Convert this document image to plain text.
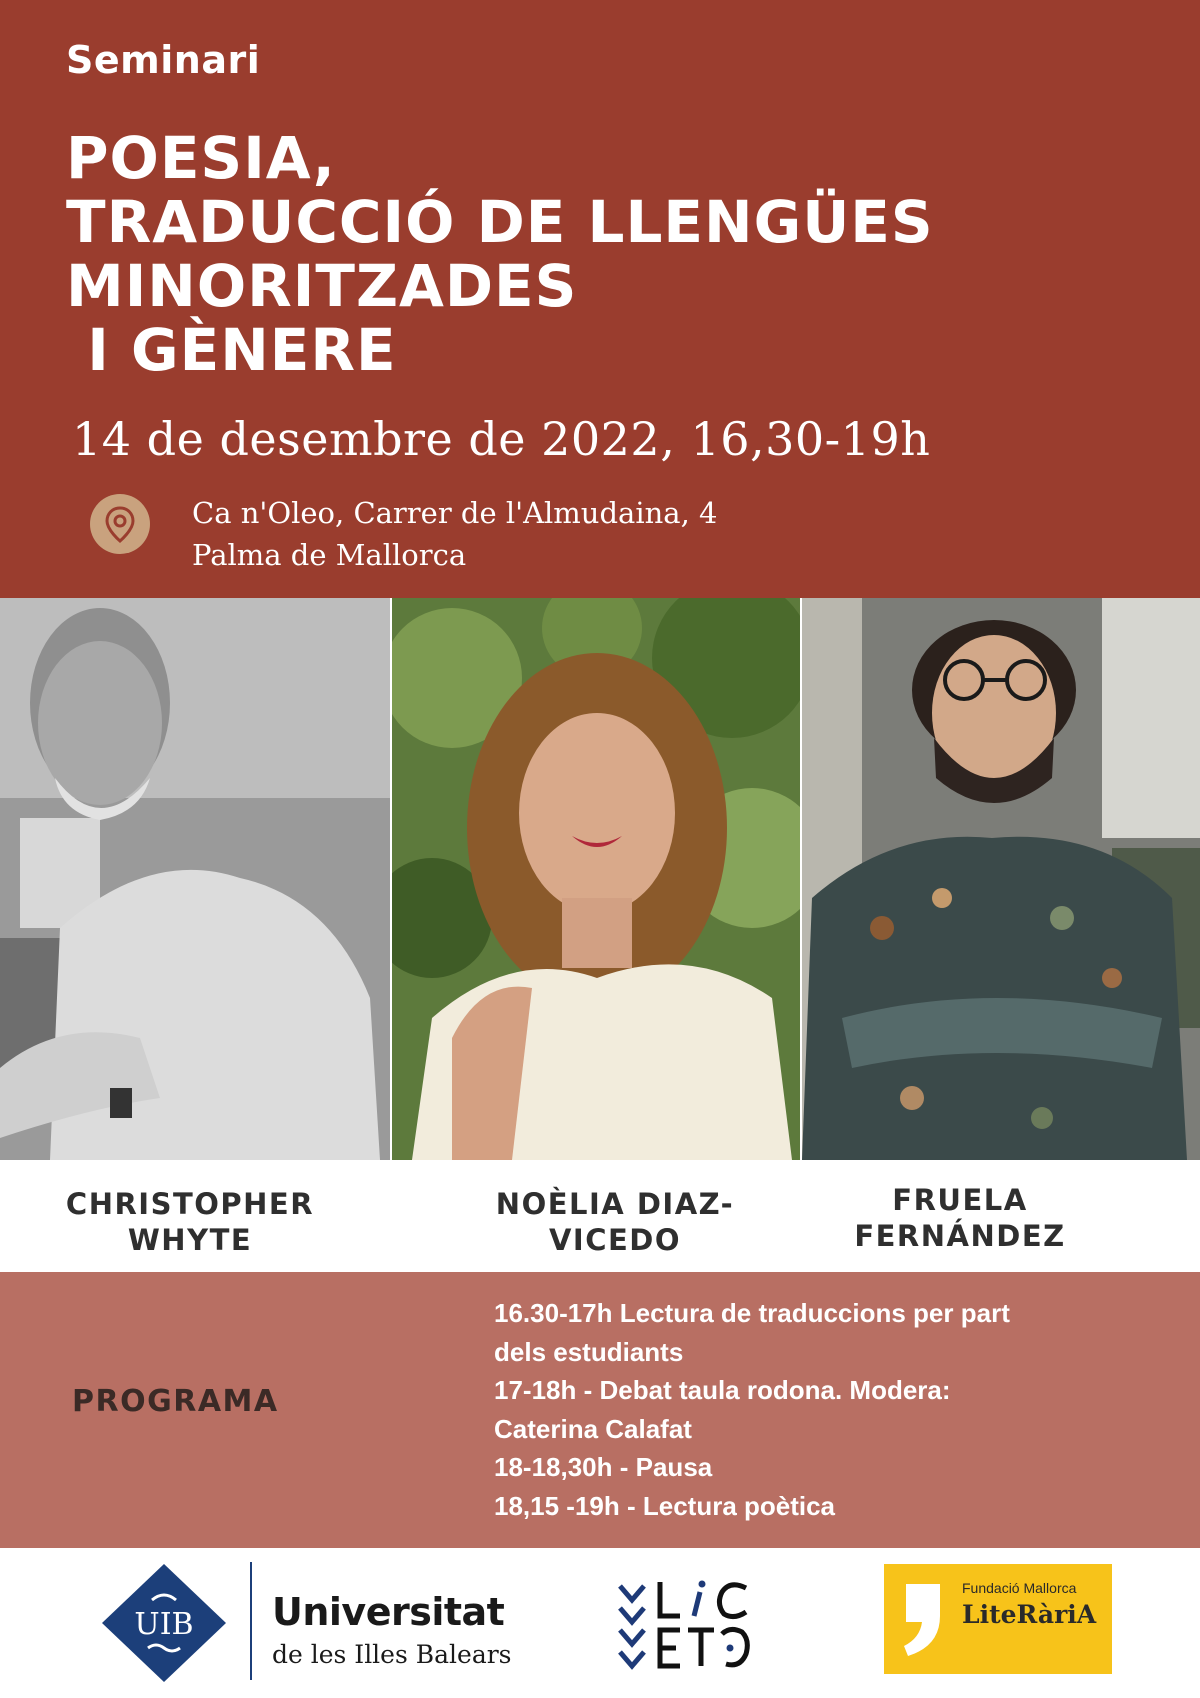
Seminari
POESIA,
TRADUCCIÓ DE LLENGÜES
MINORITZADES
I GÈNERE
14 de desembre de 2022, 16,30-19h
Ca n'Oleo, Carrer de l'Almudaina, 4
Palma de Mallorca
CHRISTOPHER
WHYTE
NOÈLIA DIAZ-
VICEDO
FRUELA
FERNÁNDEZ
PROGRAMA
16.30-17h Lectura de traduccions per part
dels estudiants
17-18h - Debat taula rodona. Modera:
Caterina Calafat
18-18,30h - Pausa
18,15 -19h - Lectura poètica
UIB Universitat
de les Illes Balears
Fundació Mallorca
LiteRàriA
